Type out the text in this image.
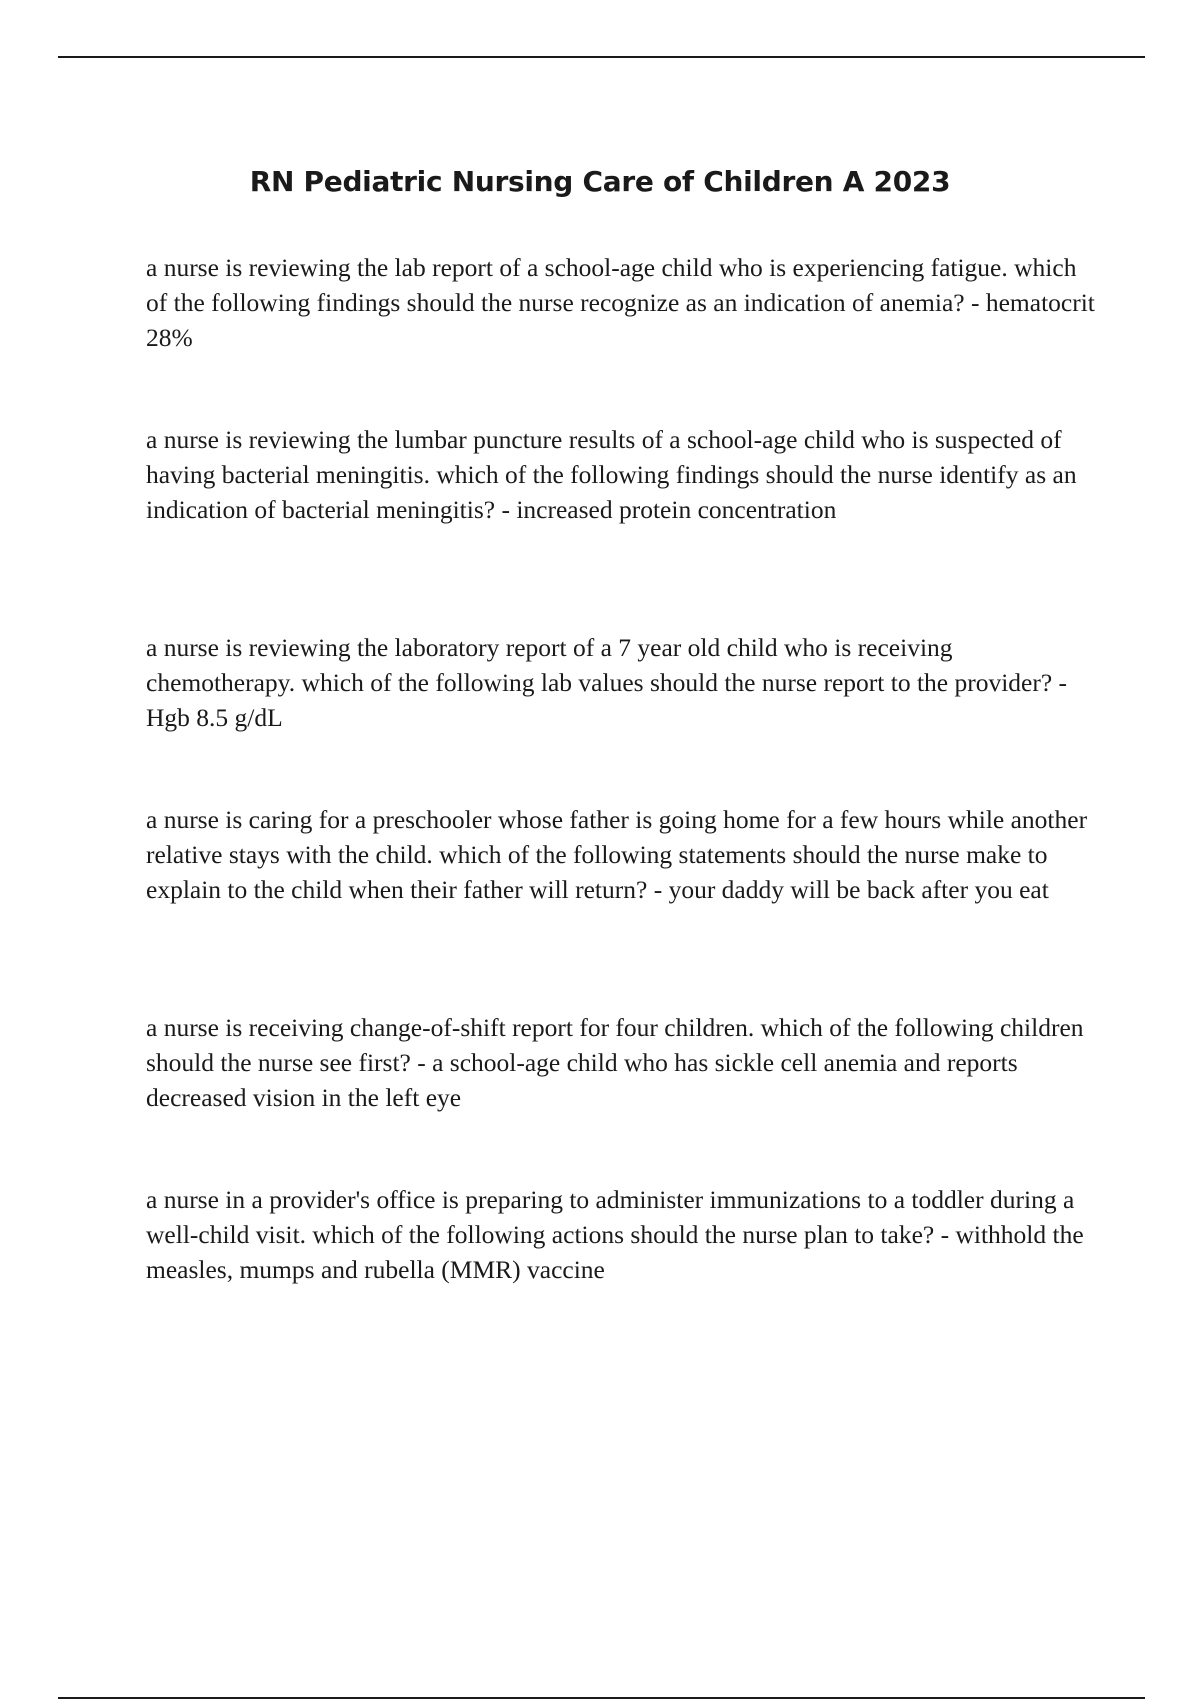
RN Pediatric Nursing Care of Children A 2023

a nurse is reviewing the lab report of a school-age child who is experiencing fatigue. which of the following findings should the nurse recognize as an indication of anemia? - hematocrit 28%

a nurse is reviewing the lumbar puncture results of a school-age child who is suspected of having bacterial meningitis. which of the following findings should the nurse identify as an indication of bacterial meningitis? - increased protein concentration

a nurse is reviewing the laboratory report of a 7 year old child who is receiving chemotherapy. which of the following lab values should the nurse report to the provider? - Hgb 8.5 g/dL

a nurse is caring for a preschooler whose father is going home for a few hours while another relative stays with the child. which of the following statements should the nurse make to explain to the child when their father will return? - your daddy will be back after you eat

a nurse is receiving change-of-shift report for four children. which of the following children should the nurse see first? - a school-age child who has sickle cell anemia and reports decreased vision in the left eye

a nurse in a provider's office is preparing to administer immunizations to a toddler during a well-child visit. which of the following actions should the nurse plan to take? - withhold the measles, mumps and rubella (MMR) vaccine
